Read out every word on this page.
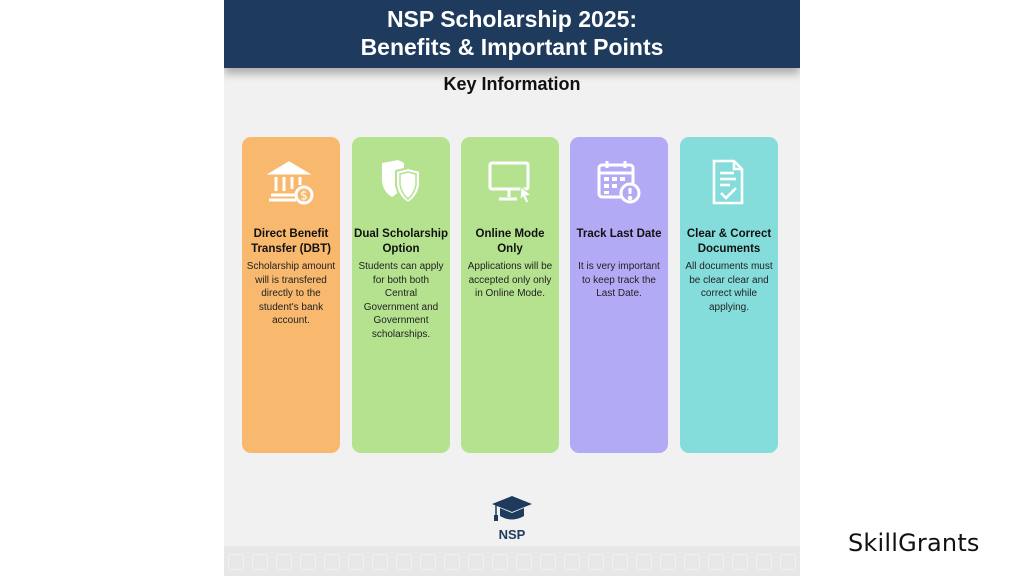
NSP Scholarship 2025:
Benefits & Important Points
Key Information
$
Direct Benefit Transfer (DBT)
Scholarship amount will is transfered directly to the student's bank account.
Dual Scholarship Option
Students can apply for both both Central Government and Government scholarships.
Online Mode Only
Applications will be accepted only only in Online Mode.
Track Last Date
It is very important to keep track the Last Date.
Clear & Correct Documents
All documents must be clear clear and correct while applying.
NSP	SkillGrants
